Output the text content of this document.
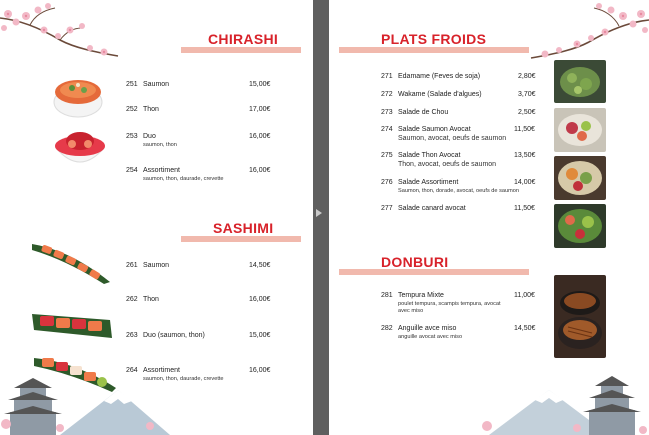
CHIRASHI
251 Saumon	15,00€
252 Thon	17,00€
253 Duo
saumon, thon
16,00€
254 Assortiment
saumon, thon, daurade, crevette
16,00€
SASHIMI
261 Saumon	14,50€
262 Thon	16,00€
263 Duo (saumon, thon)	15,00€
264 Assortiment
saumon, thon, daurade, crevette
16,00€
PLATS FROIDS
271 Edamame (Feves de soja)	2,80€
272 Wakame (Salade d'algues)	3,70€
273 Salade de Chou	2,50€
274 Salade Saumon Avocat
Saumon, avocat, oeufs de saumon
11,50€
275 Salade Thon Avocat
Thon, avocat, oeufs de saumon
13,50€
276 Salade Assortiment
Saumon, thon, dorade, avocat, oeufs de saumon
14,00€
277 Salade canard avocat	11,50€
DONBURI
281 Tempura Mixte
poulet tempura, scampis tempura, avocat avec miso
11,00€
282 Anguille avce miso
anguille avocat avec miso
14,50€
